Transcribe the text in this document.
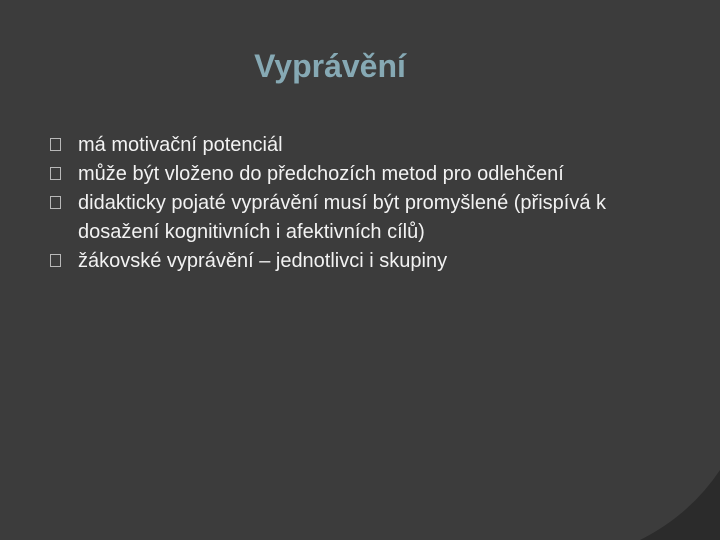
Vyprávění
má motivační potenciál
může být vloženo do předchozích metod pro odlehčení
didakticky pojaté vyprávění musí být promyšlené (přispívá k dosažení kognitivních i afektivních cílů)
žákovské vyprávění – jednotlivci i skupiny
